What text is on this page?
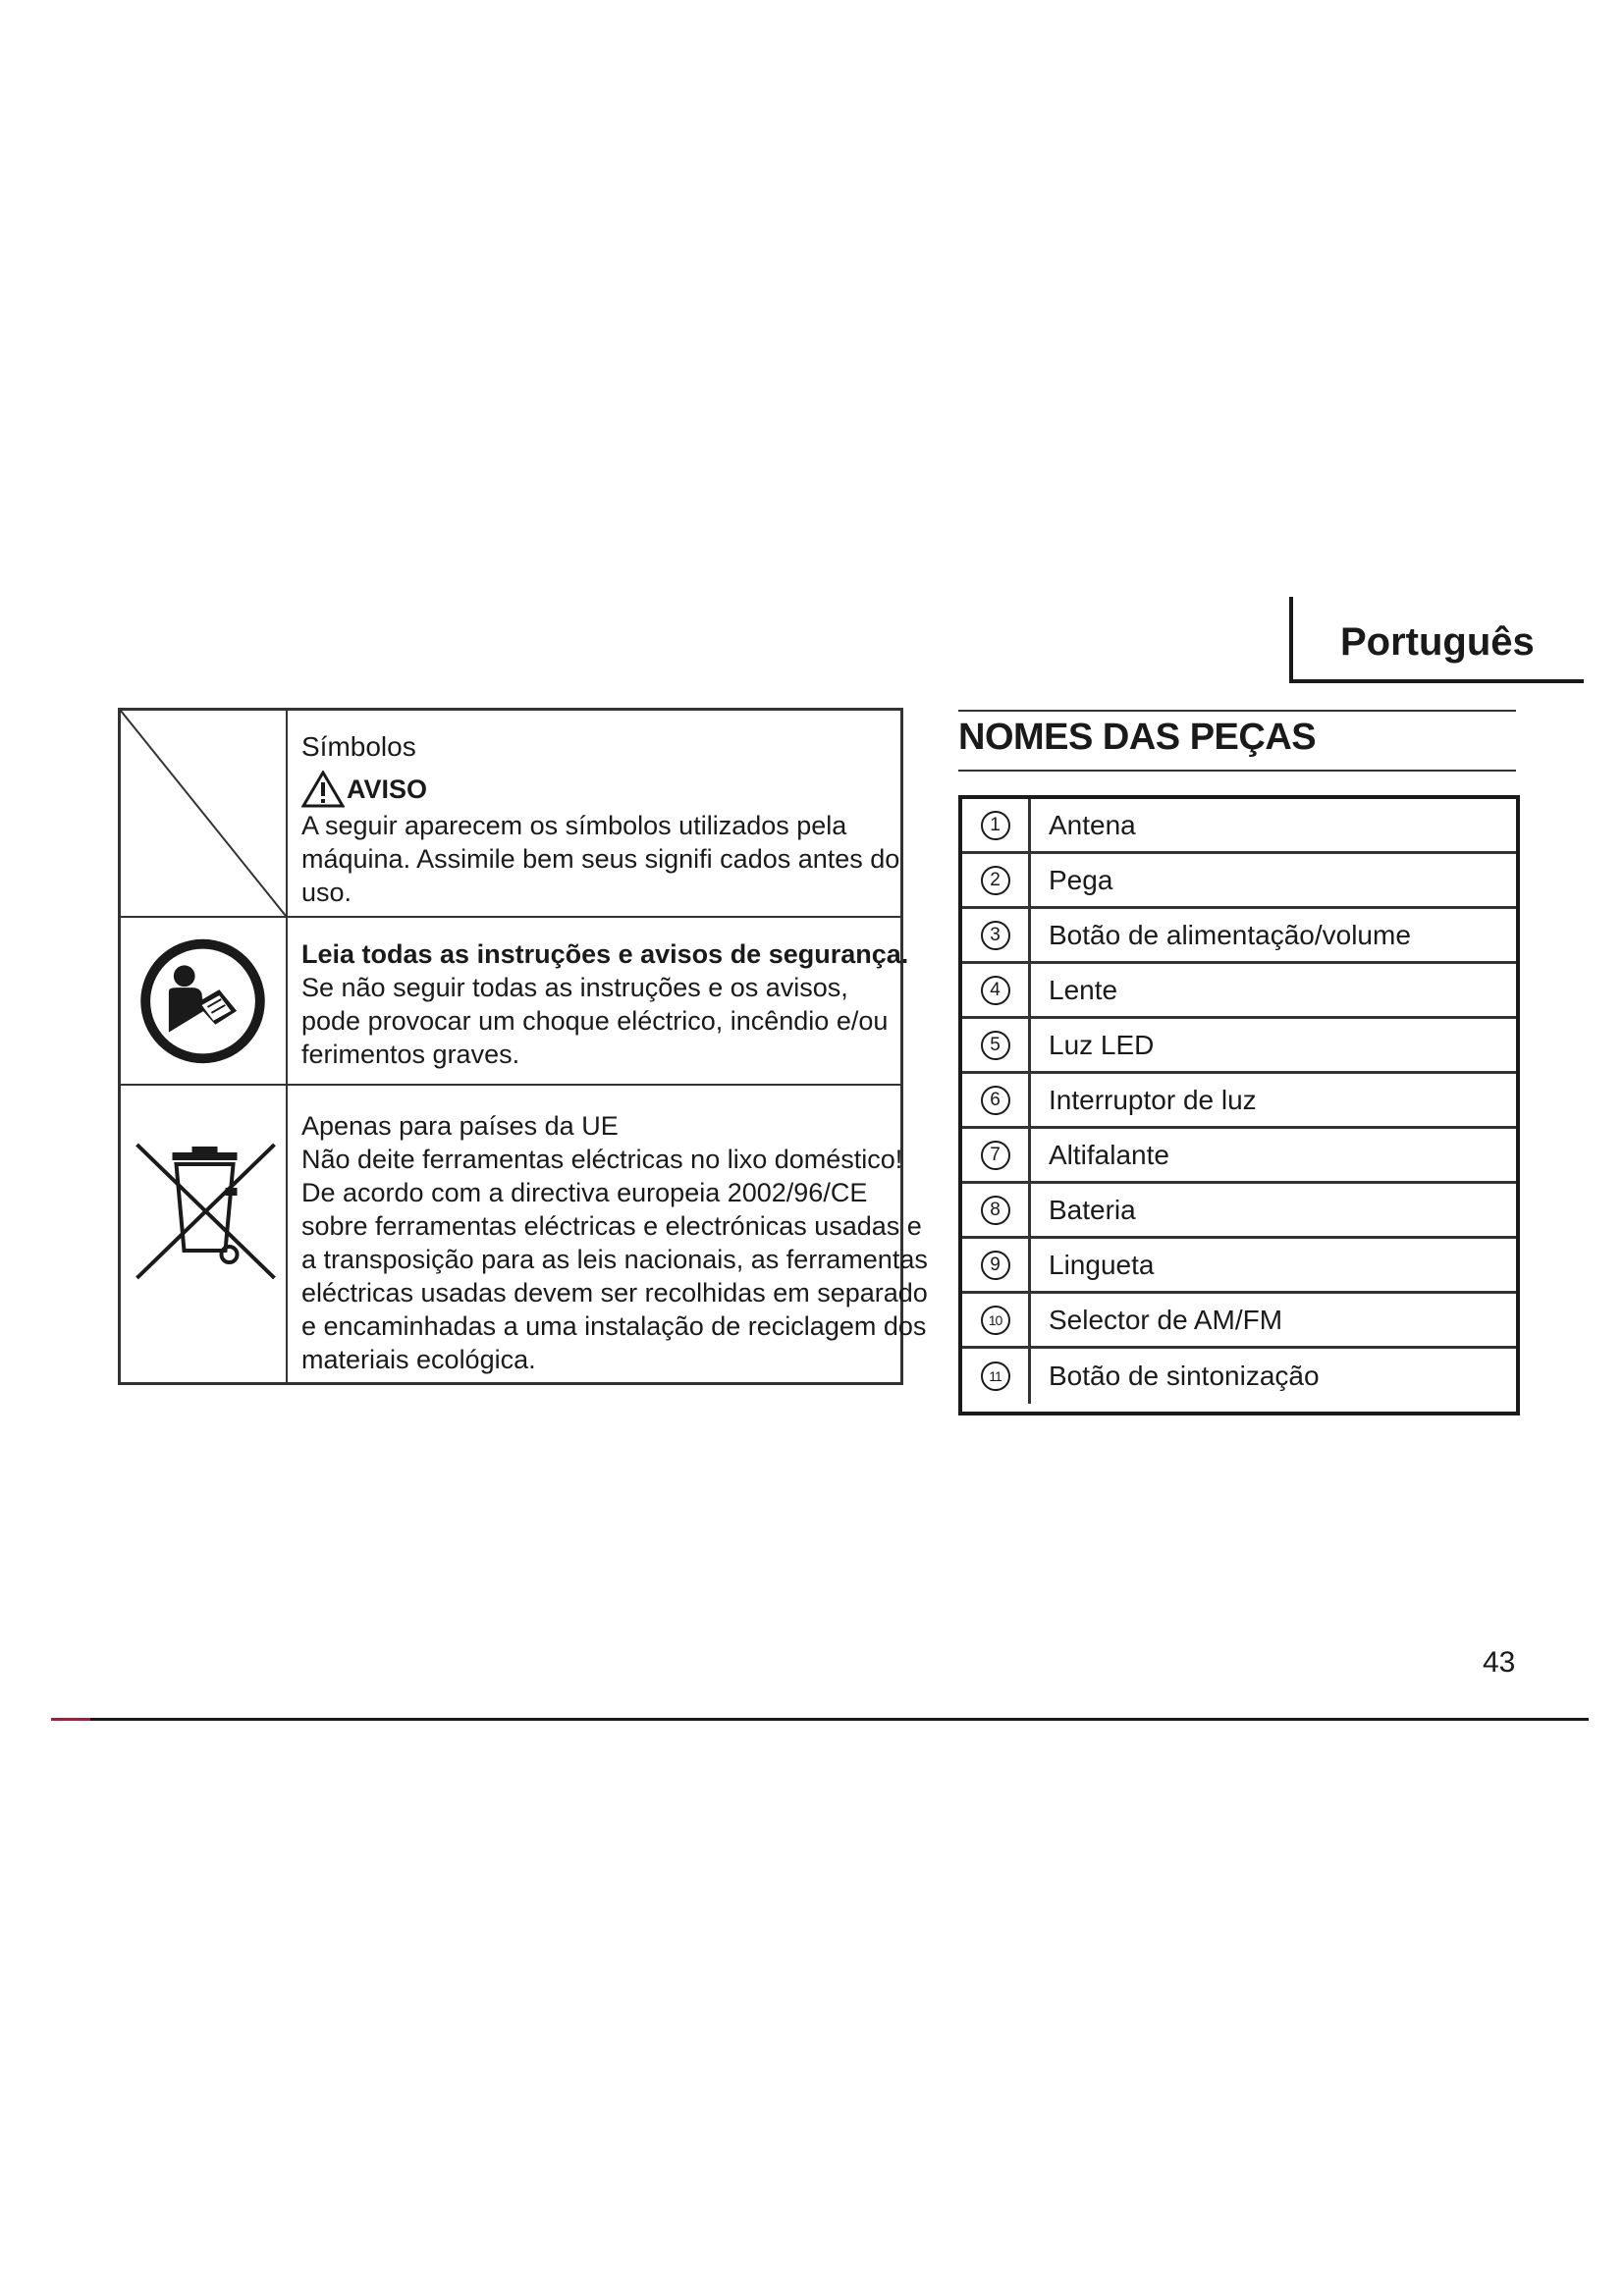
Português
Símbolos
AVISO
A seguir aparecem os símbolos utilizados pela
máquina. Assimile bem seus signifi cados antes do
uso.
Leia todas as instruções e avisos de segurança.
Se não seguir todas as instruções e os avisos,
pode provocar um choque eléctrico, incêndio e/ou
ferimentos graves.
Apenas para países da UE
Não deite ferramentas eléctricas no lixo doméstico!
De acordo com a directiva europeia 2002/96/CE
sobre ferramentas eléctricas e electrónicas usadas e
a transposição para as leis nacionais, as ferramentas
eléctricas usadas devem ser recolhidas em separado
e encaminhadas a uma instalação de reciclagem dos
materiais ecológica.
NOMES DAS PEÇAS
1	Antena
2	Pega
3	Botão de alimentação/volume
4	Lente
5	Luz LED
6	Interruptor de luz
7	Altifalante
8	Bateria
9	Lingueta
10 Selector de AM/FM
11	Botão de sintonização
43
